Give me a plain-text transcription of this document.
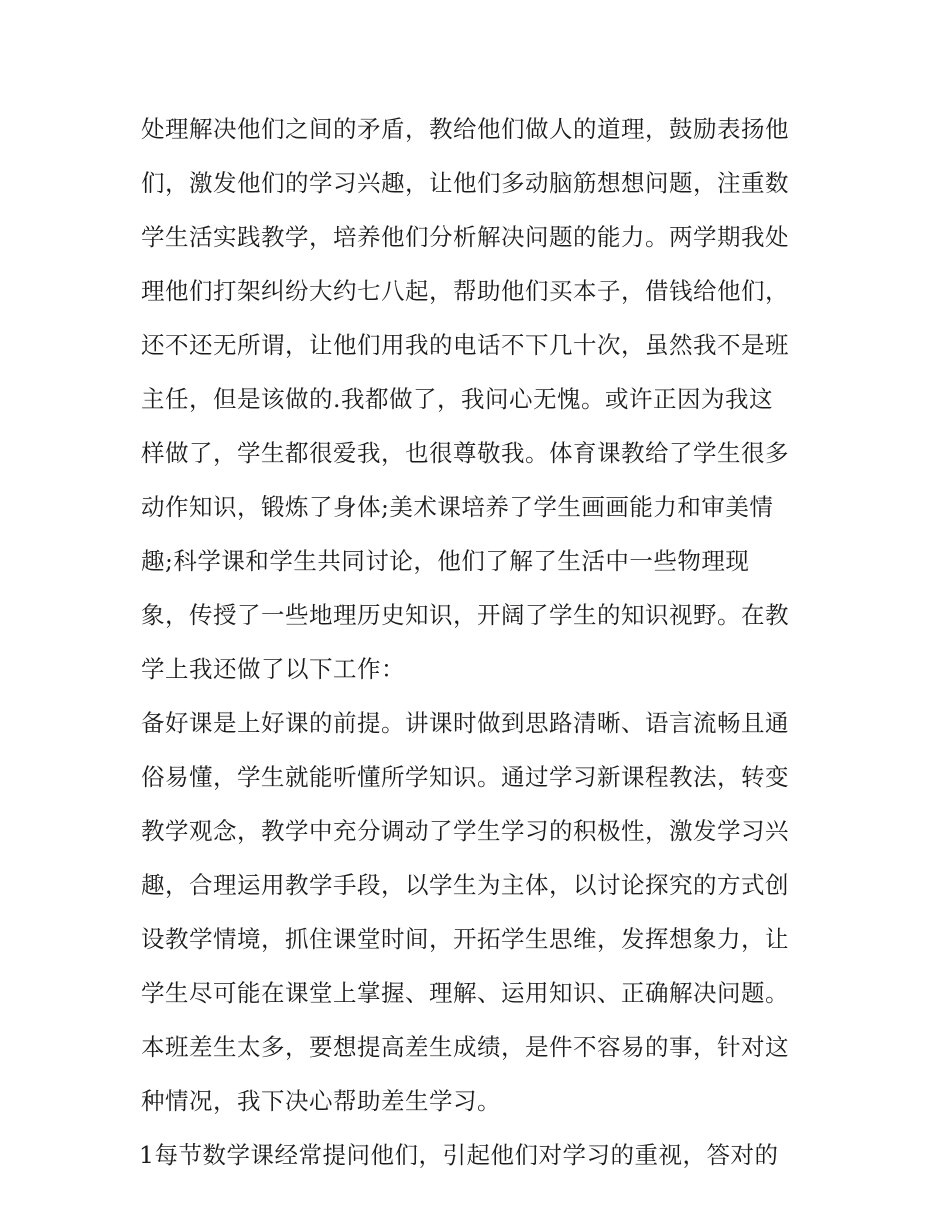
处理解决他们之间的矛盾，教给他们做人的道理，鼓励表扬他
们，激发他们的学习兴趣，让他们多动脑筋想想问题，注重数
学生活实践教学，培养他们分析解决问题的能力。两学期我处
理他们打架纠纷大约七八起，帮助他们买本子，借钱给他们，
还不还无所谓，让他们用我的电话不下几十次，虽然我不是班
主任，但是该做的.我都做了，我问心无愧。或许正因为我这
样做了，学生都很爱我，也很尊敬我。体育课教给了学生很多
动作知识，锻炼了身体;美术课培养了学生画画能力和审美情
趣;科学课和学生共同讨论，他们了解了生活中一些物理现
象，传授了一些地理历史知识，开阔了学生的知识视野。在教
学上我还做了以下工作：
备好课是上好课的前提。讲课时做到思路清晰、语言流畅且通
俗易懂，学生就能听懂所学知识。通过学习新课程教法，转变
教学观念，教学中充分调动了学生学习的积极性，激发学习兴
趣，合理运用教学手段，以学生为主体，以讨论探究的方式创
设教学情境，抓住课堂时间，开拓学生思维，发挥想象力，让
学生尽可能在课堂上掌握、理解、运用知识、正确解决问题。
本班差生太多，要想提高差生成绩，是件不容易的事，针对这
种情况，我下决心帮助差生学习。
1每节数学课经常提问他们，引起他们对学习的重视，答对的
